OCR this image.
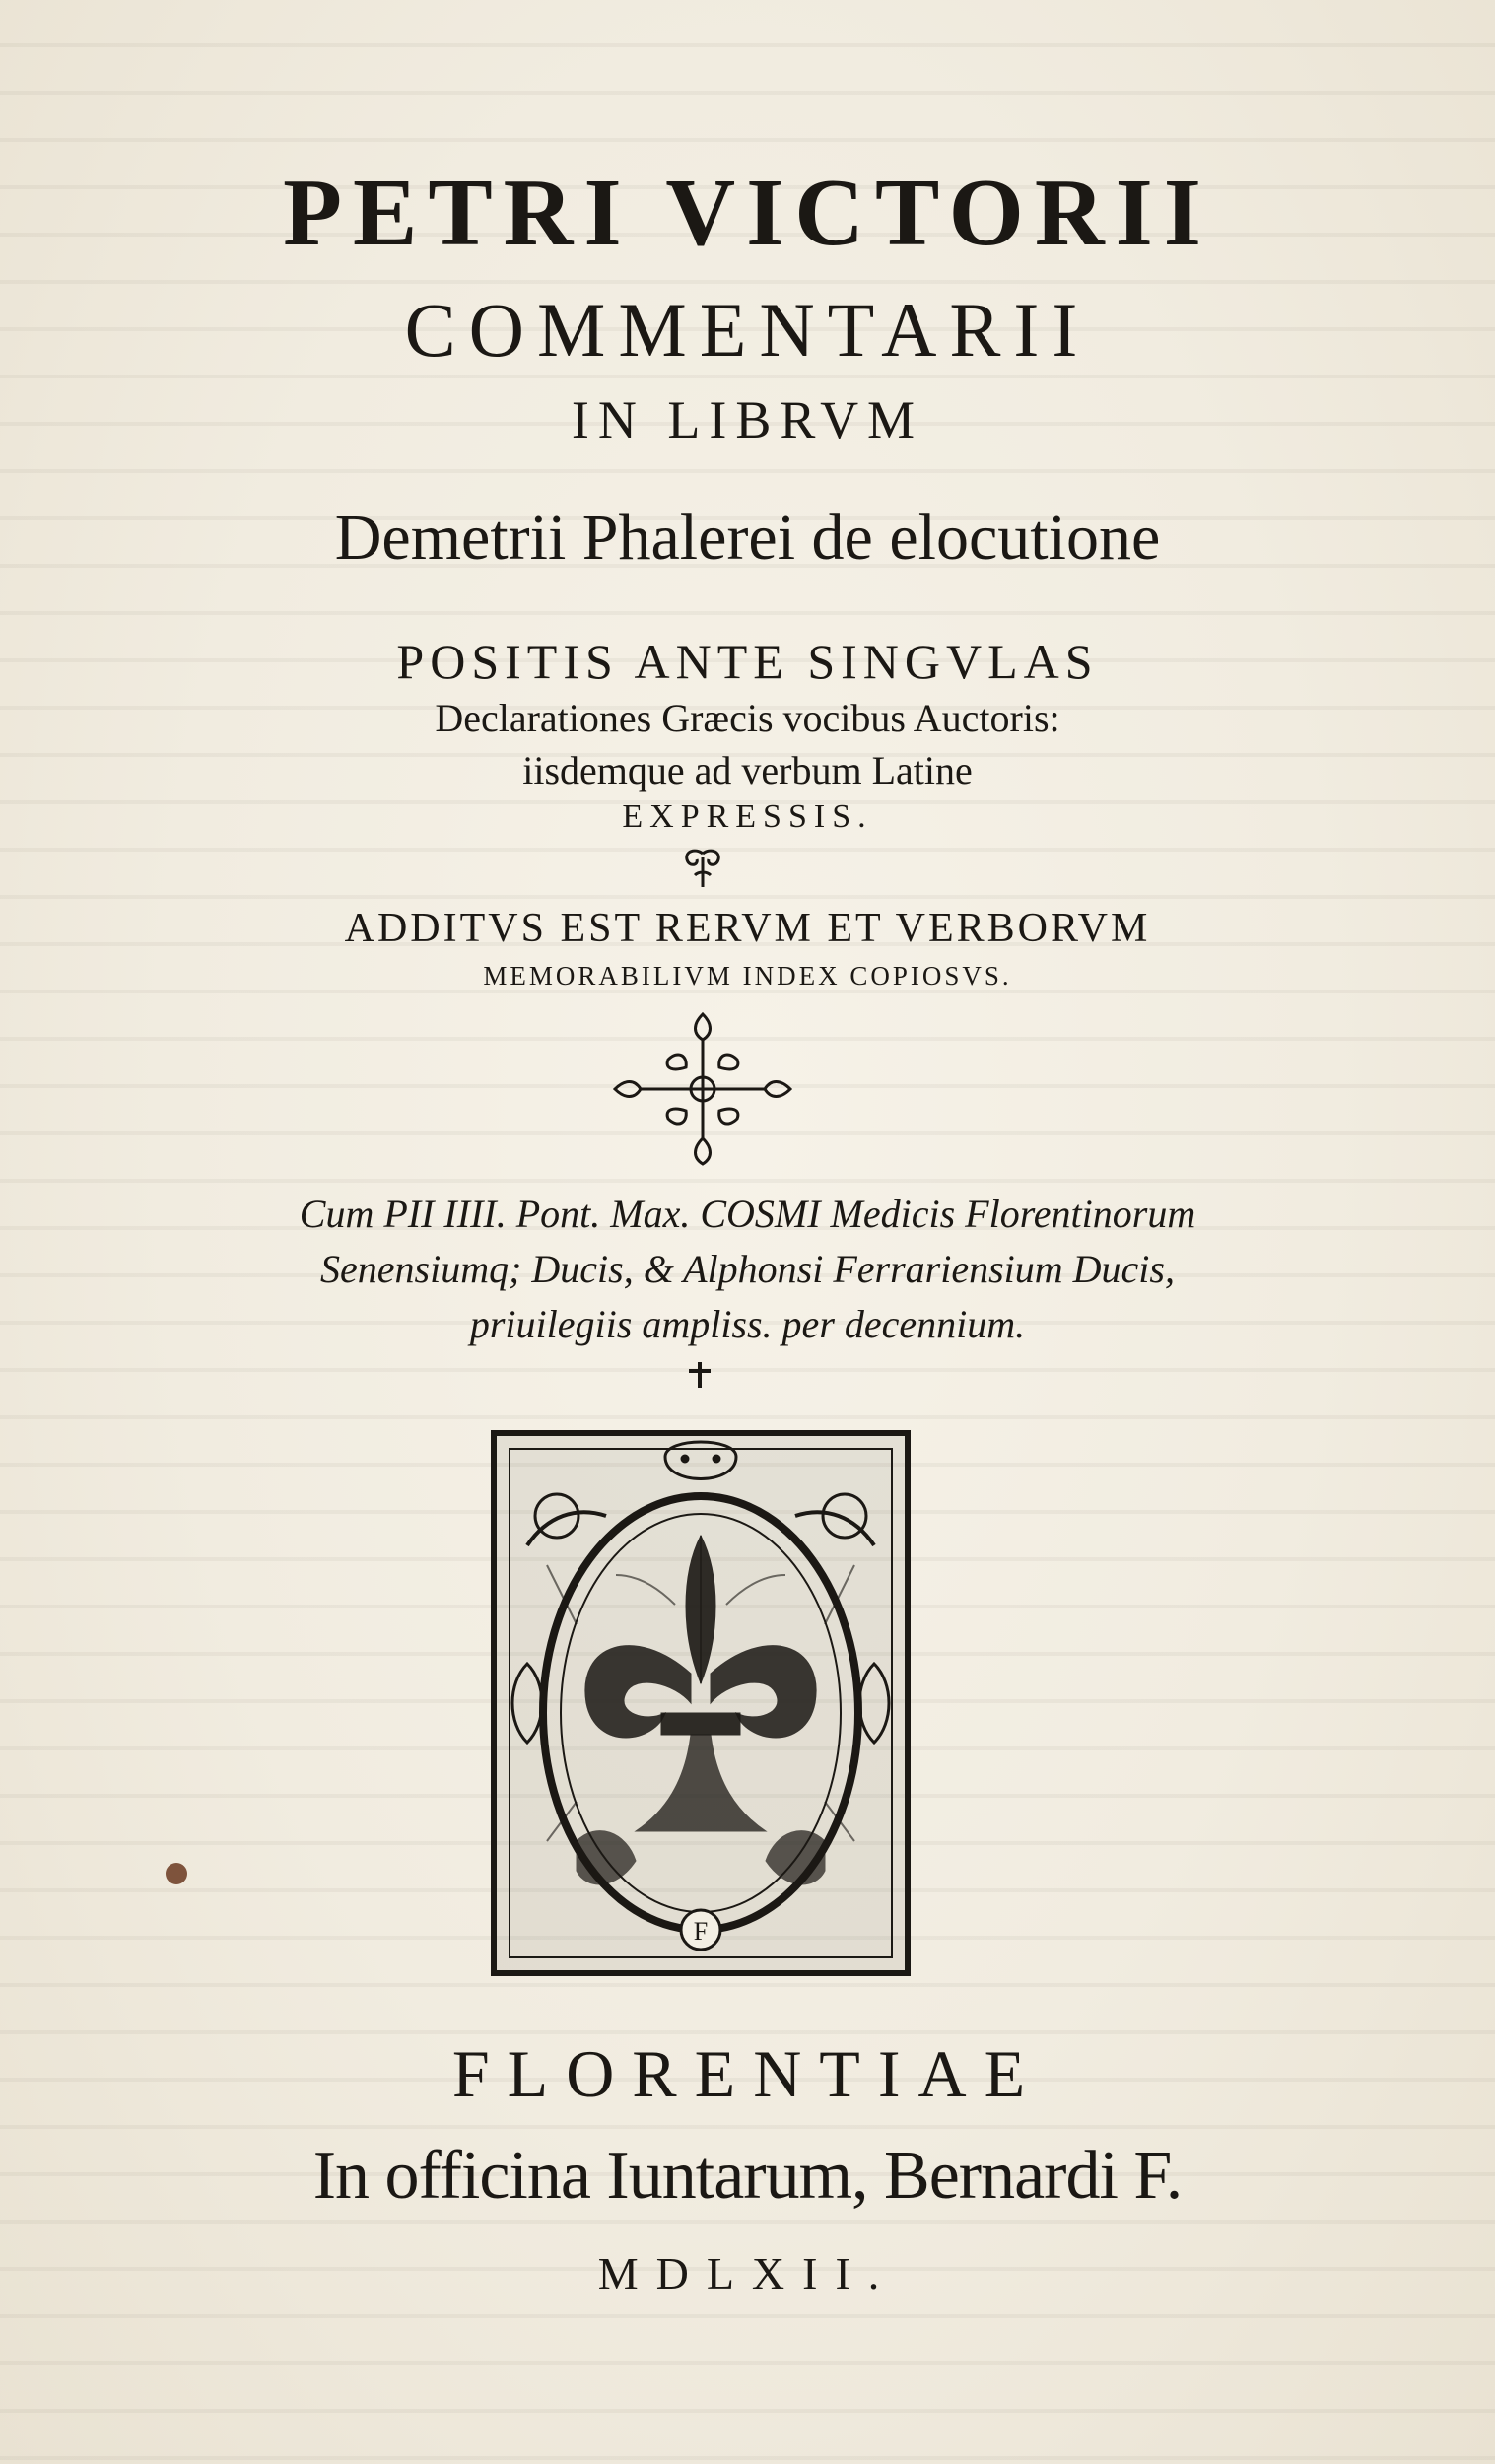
PETRI VICTORII
COMMENTARII
IN LIBRVM
Demetrii Phalerei de elocutione
POSITIS ANTE SINGVLAS
Declarationes Græcis vocibus Auctoris:
iisdemque ad verbum Latine
EXPRESSIS.
ADDITVS EST RERVM ET VERBORVM
MEMORABILIVM INDEX COPIOSVS.
Cum PII IIII. Pont. Max. COSMI Medicis Florentinorum
Senensiumq; Ducis, & Alphonsi Ferrariensium Ducis,
priuilegiis ampliss. per decennium.
F
FLORENTIAE
In officina Iuntarum, Bernardi F.
MDLXII.
